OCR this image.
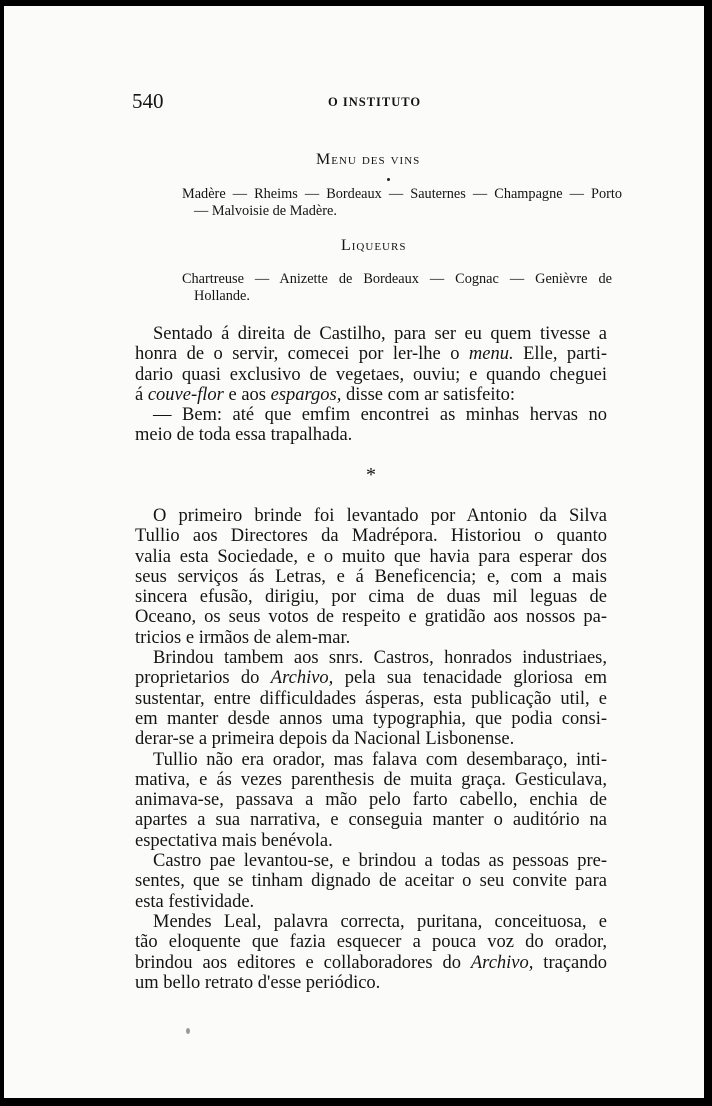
540	O INSTITUTO

Menu des vins

Madère — Rheims — Bordeaux — Sauternes — Champagne — Porto
— Malvoisie de Madère.

Liqueurs

Chartreuse — Anizette de Bordeaux — Cognac — Genièvre de
Hollande.

Sentado á direita de Castilho, para ser eu quem tivesse a
honra de o servir, comecei por ler-lhe o menu. Elle, parti-
dario quasi exclusivo de vegetaes, ouviu; e quando cheguei
á couve-flor e aos espargos, disse com ar satisfeito:
— Bem: até que emfim encontrei as minhas hervas no
meio de toda essa trapalhada.

*

O primeiro brinde foi levantado por Antonio da Silva
Tullio aos Directores da Madrépora. Historiou o quanto
valia esta Sociedade, e o muito que havia para esperar dos
seus serviços ás Letras, e á Beneficencia; e, com a mais
sincera efusão, dirigiu, por cima de duas mil leguas de
Oceano, os seus votos de respeito e gratidão aos nossos pa-
tricios e irmãos de alem-mar.
Brindou tambem aos snrs. Castros, honrados industriaes,
proprietarios do Archivo, pela sua tenacidade gloriosa em
sustentar, entre difficuldades ásperas, esta publicação util, e
em manter desde annos uma typographia, que podia consi-
derar-se a primeira depois da Nacional Lisbonense.
Tullio não era orador, mas falava com desembaraço, inti-
mativa, e ás vezes parenthesis de muita graça. Gesticulava,
animava-se, passava a mão pelo farto cabello, enchia de
apartes a sua narrativa, e conseguia manter o auditório na
espectativa mais benévola.
Castro pae levantou-se, e brindou a todas as pessoas pre-
sentes, que se tinham dignado de aceitar o seu convite para
esta festividade.
Mendes Leal, palavra correcta, puritana, conceituosa, e
tão eloquente que fazia esquecer a pouca voz do orador,
brindou aos editores e collaboradores do Archivo, traçando
um bello retrato d'esse periódico.
